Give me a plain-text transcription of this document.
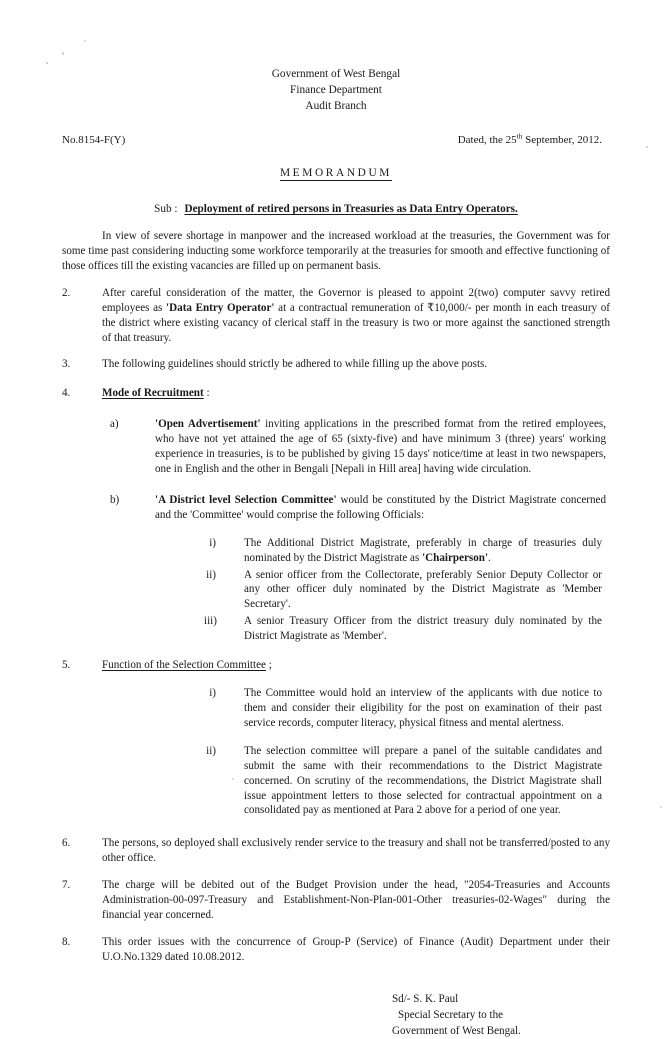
Government of West Bengal
Finance Department
Audit Branch
No.8154-F(Y)	Dated, the 25th September, 2012.
MEMORANDUM
Sub : Deployment of retired persons in Treasuries as Data Entry Operators.
In view of severe shortage in manpower and the increased workload at the treasuries, the Government was for some time past considering inducting some workforce temporarily at the treasuries for smooth and effective functioning of those offices till the existing vacancies are filled up on permanent basis.
2.	After careful consideration of the matter, the Governor is pleased to appoint 2(two) computer savvy retired employees as 'Data Entry Operator' at a contractual remuneration of ₹10,000/- per month in each treasury of the district where existing vacancy of clerical staff in the treasury is two or more against the sanctioned strength of that treasury.
3.	The following guidelines should strictly be adhered to while filling up the above posts.
4.	Mode of Recruitment :
a)	'Open Advertisement' inviting applications in the prescribed format from the retired employees, who have not yet attained the age of 65 (sixty-five) and have minimum 3 (three) years' working experience in treasuries, is to be published by giving 15 days' notice/time at least in two newspapers, one in English and the other in Bengali [Nepali in Hill area] having wide circulation.
b)	'A District level Selection Committee' would be constituted by the District Magistrate concerned and the 'Committee' would comprise the following Officials:
i)	The Additional District Magistrate, preferably in charge of treasuries duly nominated by the District Magistrate as 'Chairperson'.
ii)	A senior officer from the Collectorate, preferably Senior Deputy Collector or any other officer duly nominated by the District Magistrate as 'Member Secretary'.
iii)	A senior Treasury Officer from the district treasury duly nominated by the District Magistrate as 'Member'.
5.	Function of the Selection Committee ;
i)	The Committee would hold an interview of the applicants with due notice to them and consider their eligibility for the post on examination of their past service records, computer literacy, physical fitness and mental alertness.
ii)	The selection committee will prepare a panel of the suitable candidates and submit the same with their recommendations to the District Magistrate concerned. On scrutiny of the recommendations, the District Magistrate shall issue appointment letters to those selected for contractual appointment on a consolidated pay as mentioned at Para 2 above for a period of one year.
6.	The persons, so deployed shall exclusively render service to the treasury and shall not be transferred/posted to any other office.
7.	The charge will be debited out of the Budget Provision under the head, "2054-Treasuries and Accounts Administration-00-097-Treasury and Establishment-Non-Plan-001-Other treasuries-02-Wages" during the financial year concerned.
8.	This order issues with the concurrence of Group-P (Service) of Finance (Audit) Department under their U.O.No.1329 dated 10.08.2012.
Sd/- S. K. Paul
Special Secretary to the
Government of West Bengal.
